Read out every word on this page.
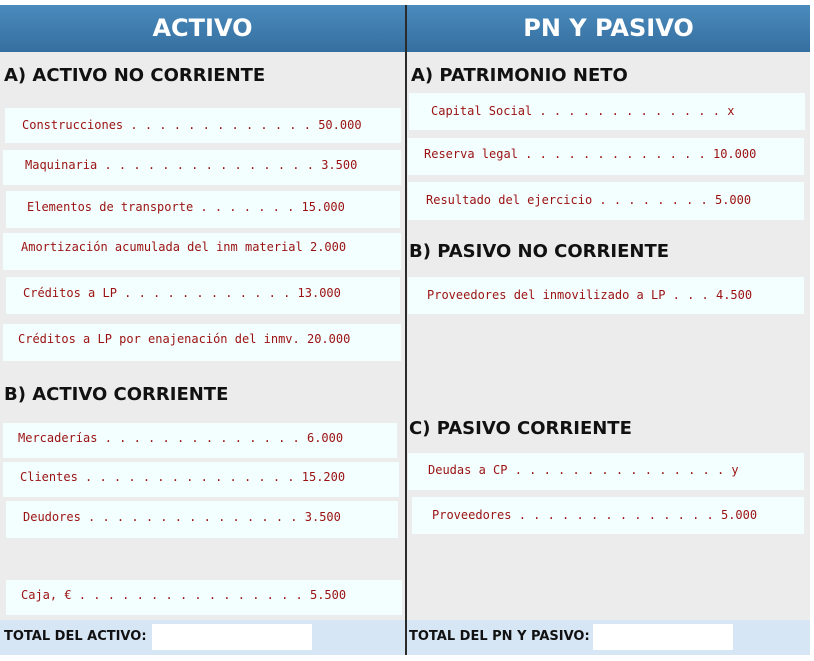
ACTIVO
A) ACTIVO NO CORRIENTE

Construcciones . . . . . . . . . . . . . 50.000

Maquinaria . . . . . . . . . . . . . . . 3.500

Elementos de transporte . . . . . . . 15.000

Amortización acumulada del inm material 2.000

Créditos a LP . . . . . . . . . . . . 13.000

Créditos a LP por enajenación del inmv. 20.000

B) ACTIVO CORRIENTE

Mercaderías . . . . . . . . . . . . . . 6.000

Clientes . . . . . . . . . . . . . . . 15.200

Deudores . . . . . . . . . . . . . . . 3.500

Caja, € . . . . . . . . . . . . . . . . 5.500

PN Y PASIVO
A) PATRIMONIO NETO

Capital Social . . . . . . . . . . . . . x

Reserva legal . . . . . . . . . . . . . 10.000

Resultado del ejercicio . . . . . . . . 5.000

B) PASIVO NO CORRIENTE

Proveedores del inmovilizado a LP . . . 4.500

C) PASIVO CORRIENTE

Deudas a CP . . . . . . . . . . . . . . . y

Proveedores . . . . . . . . . . . . . . 5.000

TOTAL DEL ACTIVO:	TOTAL DEL PN Y PASIVO:
